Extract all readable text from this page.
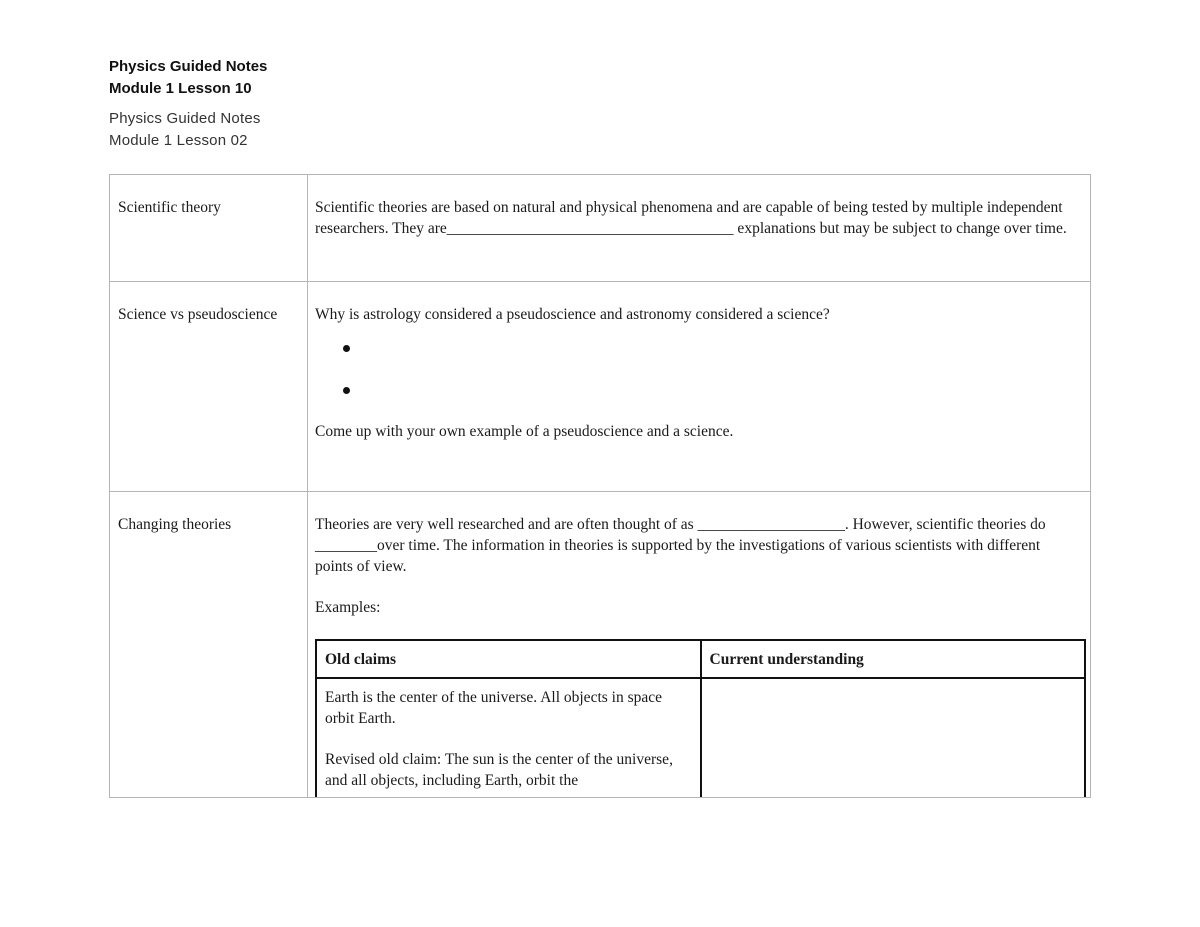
Physics Guided Notes
Module 1 Lesson 10
Physics Guided Notes
Module 1 Lesson 02
Scientific theory	Scientific theories are based on natural and physical phenomena and are capable of being tested by multiple independent researchers. They are_____________________________________ explanations but may be subject to change over time.

Science vs pseudoscience	Why is astrology considered a pseudoscience and astronomy considered a science?

Come up with your own example of a pseudoscience and a science.

Changing theories	Theories are very well researched and are often thought of as ___________________. However, scientific theories do ________over time. The information in theories is supported by the investigations of various scientists with different points of view.

Examples:

Old claims	Current understanding

Earth is the center of the universe. All objects in space orbit Earth.

Revised old claim: The sun is the center of the universe, and all objects, including Earth, orbit the	
